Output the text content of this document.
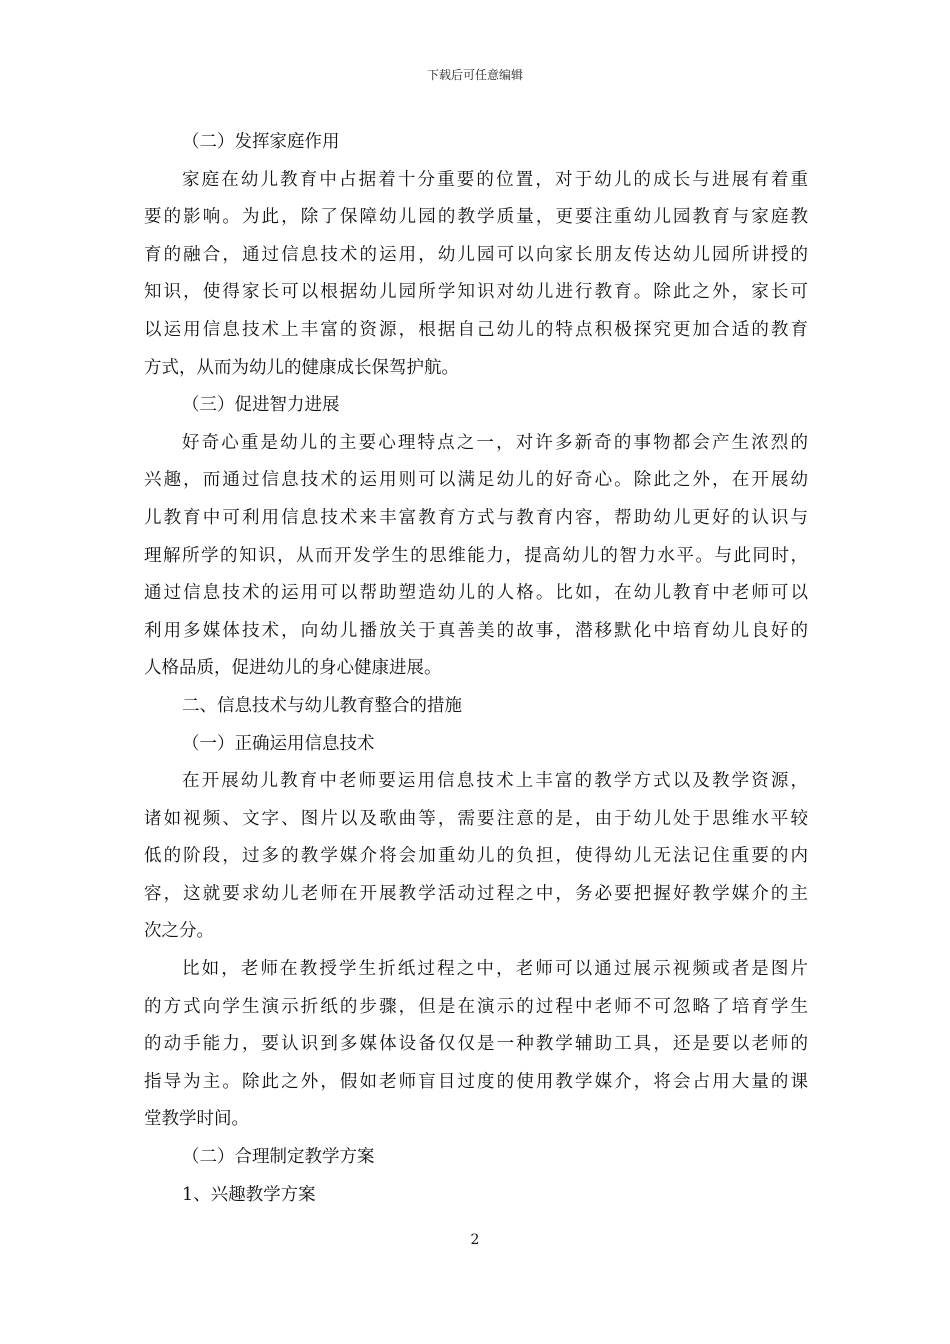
下载后可任意编辑
（二）发挥家庭作用
家庭在幼儿教育中占据着十分重要的位置，对于幼儿的成长与进展有着重
要的影响。为此，除了保障幼儿园的教学质量，更要注重幼儿园教育与家庭教
育的融合，通过信息技术的运用，幼儿园可以向家长朋友传达幼儿园所讲授的
知识，使得家长可以根据幼儿园所学知识对幼儿进行教育。除此之外，家长可
以运用信息技术上丰富的资源，根据自己幼儿的特点积极探究更加合适的教育
方式，从而为幼儿的健康成长保驾护航。
（三）促进智力进展
好奇心重是幼儿的主要心理特点之一，对许多新奇的事物都会产生浓烈的
兴趣，而通过信息技术的运用则可以满足幼儿的好奇心。除此之外，在开展幼
儿教育中可利用信息技术来丰富教育方式与教育内容，帮助幼儿更好的认识与
理解所学的知识，从而开发学生的思维能力，提高幼儿的智力水平。与此同时，
通过信息技术的运用可以帮助塑造幼儿的人格。比如，在幼儿教育中老师可以
利用多媒体技术，向幼儿播放关于真善美的故事，潜移默化中培育幼儿良好的
人格品质，促进幼儿的身心健康进展。
二、信息技术与幼儿教育整合的措施
（一）正确运用信息技术
在开展幼儿教育中老师要运用信息技术上丰富的教学方式以及教学资源，
诸如视频、文字、图片以及歌曲等，需要注意的是，由于幼儿处于思维水平较
低的阶段，过多的教学媒介将会加重幼儿的负担，使得幼儿无法记住重要的内
容，这就要求幼儿老师在开展教学活动过程之中，务必要把握好教学媒介的主
次之分。
比如，老师在教授学生折纸过程之中，老师可以通过展示视频或者是图片
的方式向学生演示折纸的步骤，但是在演示的过程中老师不可忽略了培育学生
的动手能力，要认识到多媒体设备仅仅是一种教学辅助工具，还是要以老师的
指导为主。除此之外，假如老师盲目过度的使用教学媒介，将会占用大量的课
堂教学时间。
（二）合理制定教学方案
1、兴趣教学方案
2
